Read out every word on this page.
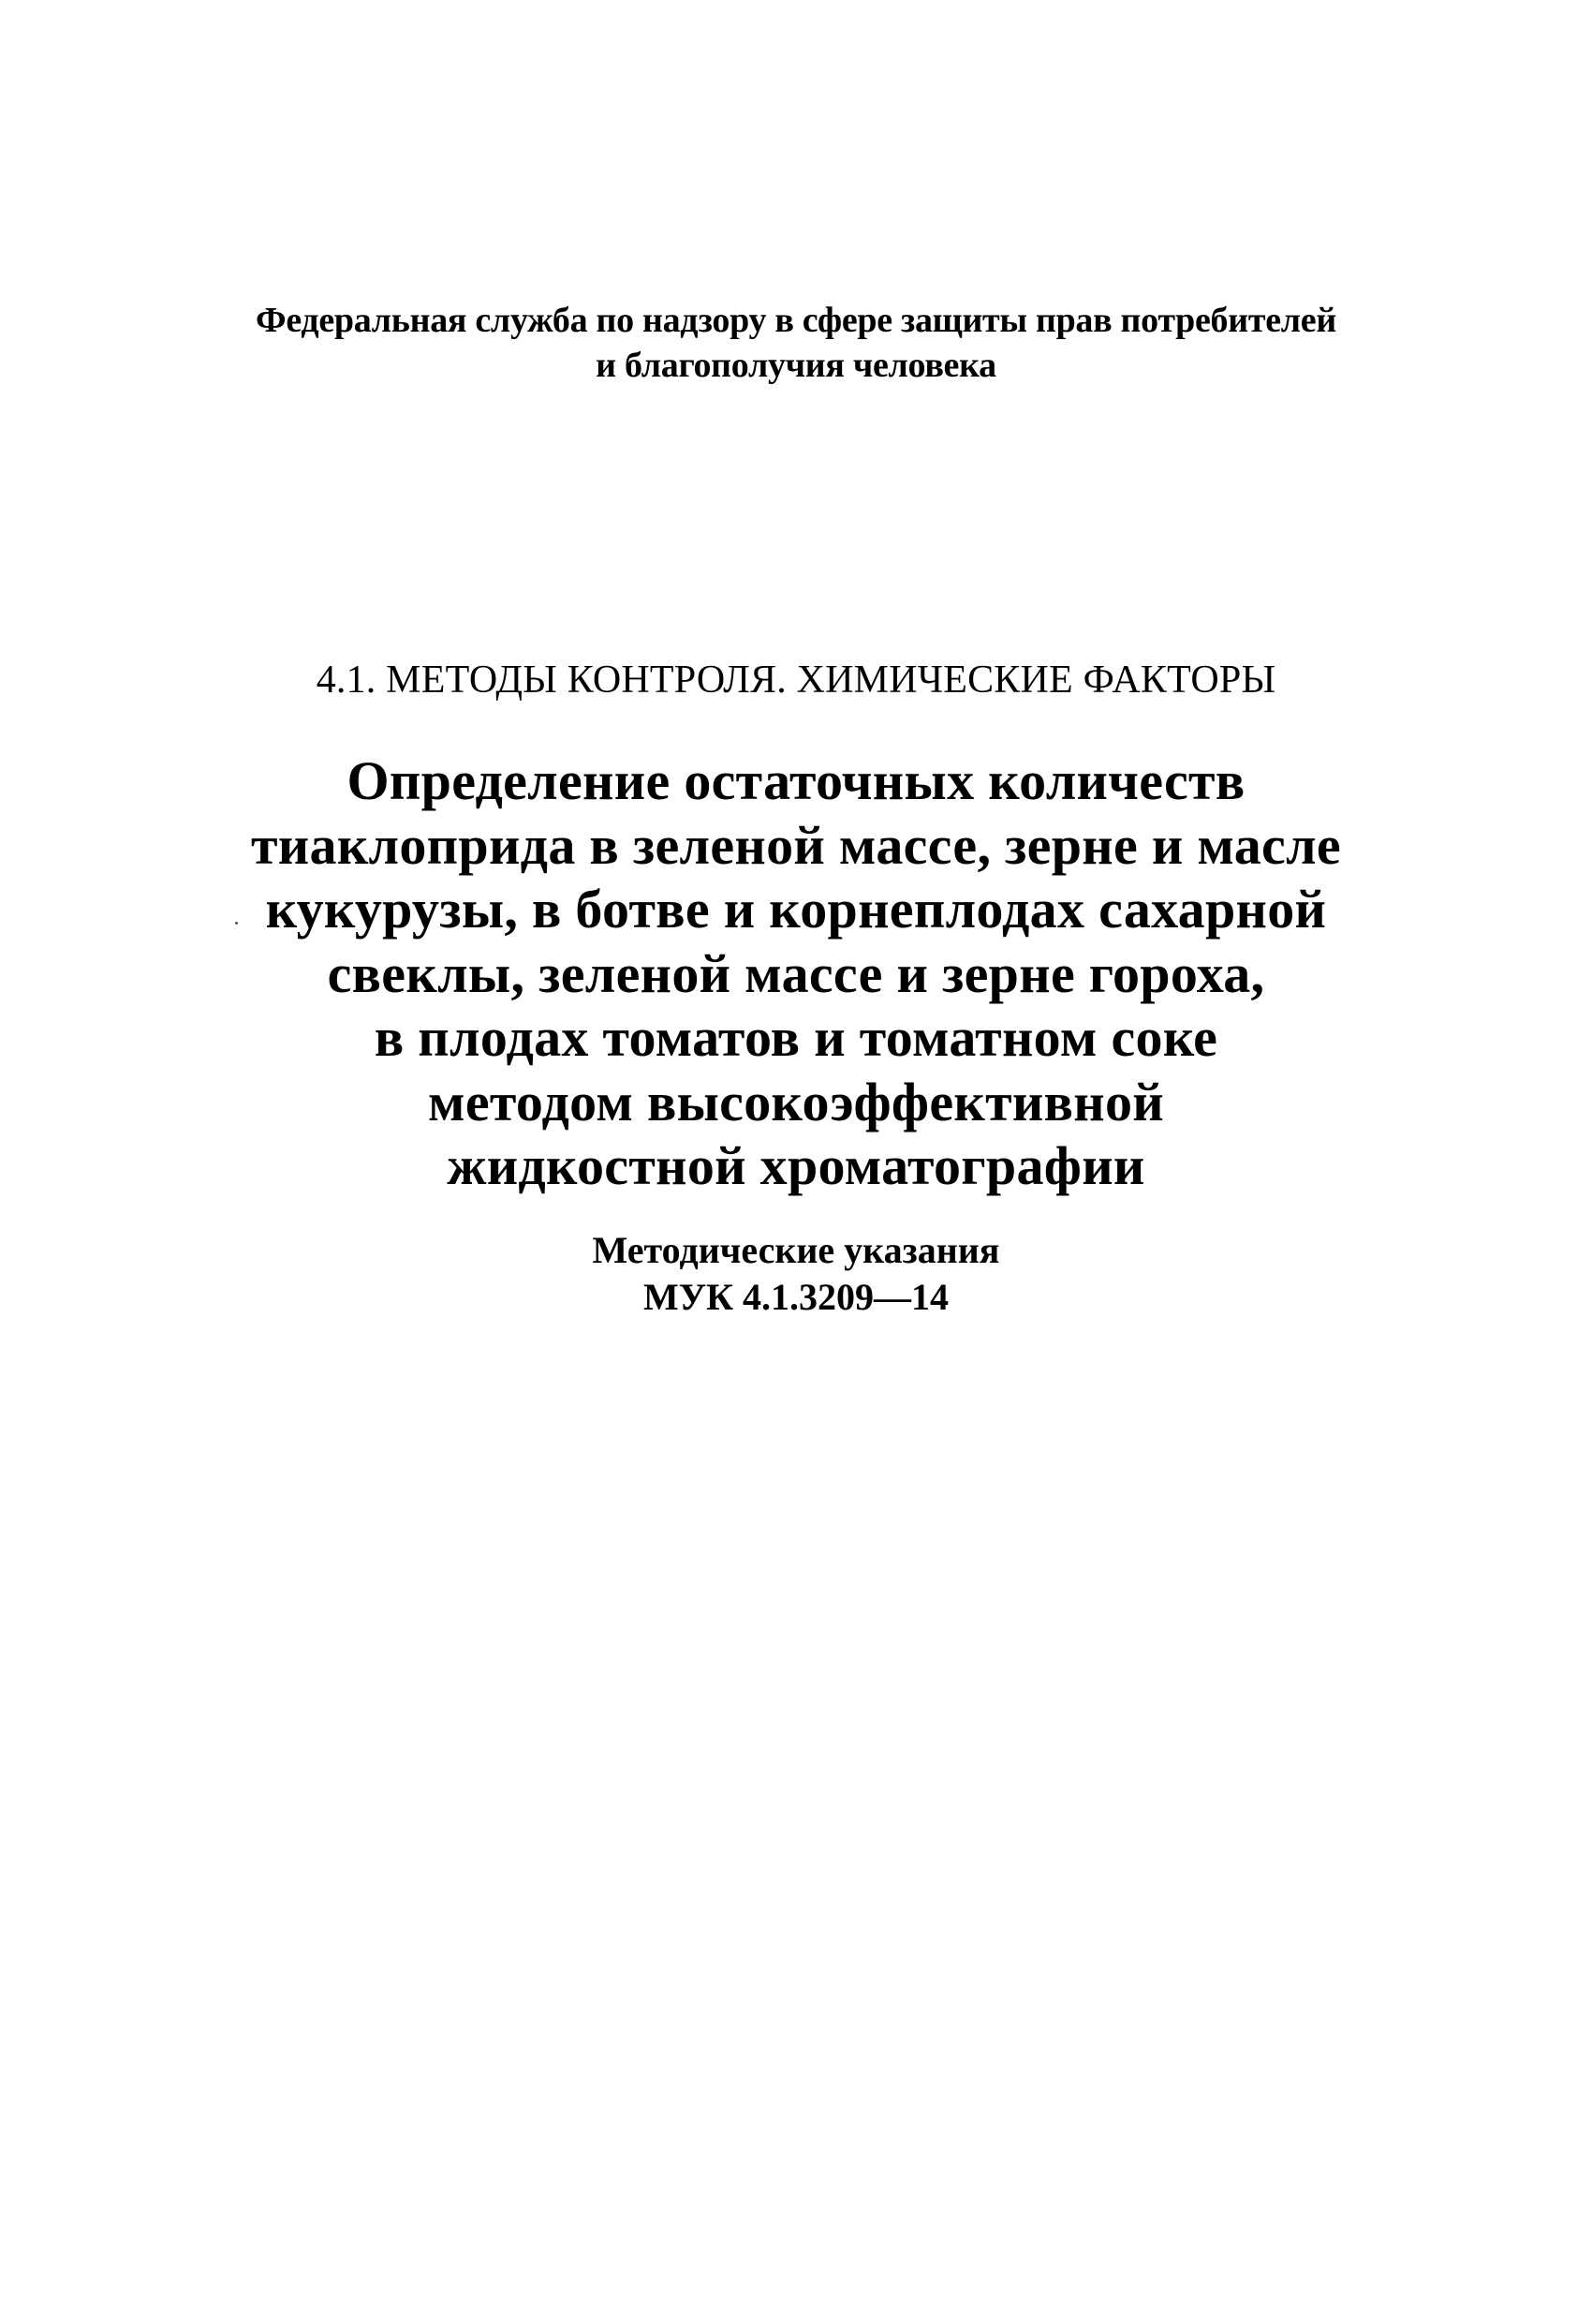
Федеральная служба по надзору в сфере защиты прав потребителей
и благополучия человека
4.1. МЕТОДЫ КОНТРОЛЯ. ХИМИЧЕСКИЕ ФАКТОРЫ
Определение остаточных количеств
тиаклоприда в зеленой массе, зерне и масле
кукурузы, в ботве и корнеплодах сахарной
свеклы, зеленой массе и зерне гороха,
в плодах томатов и томатном соке
методом высокоэффективной
жидкостной хроматографии
Методические указания
МУК 4.1.3209—14
